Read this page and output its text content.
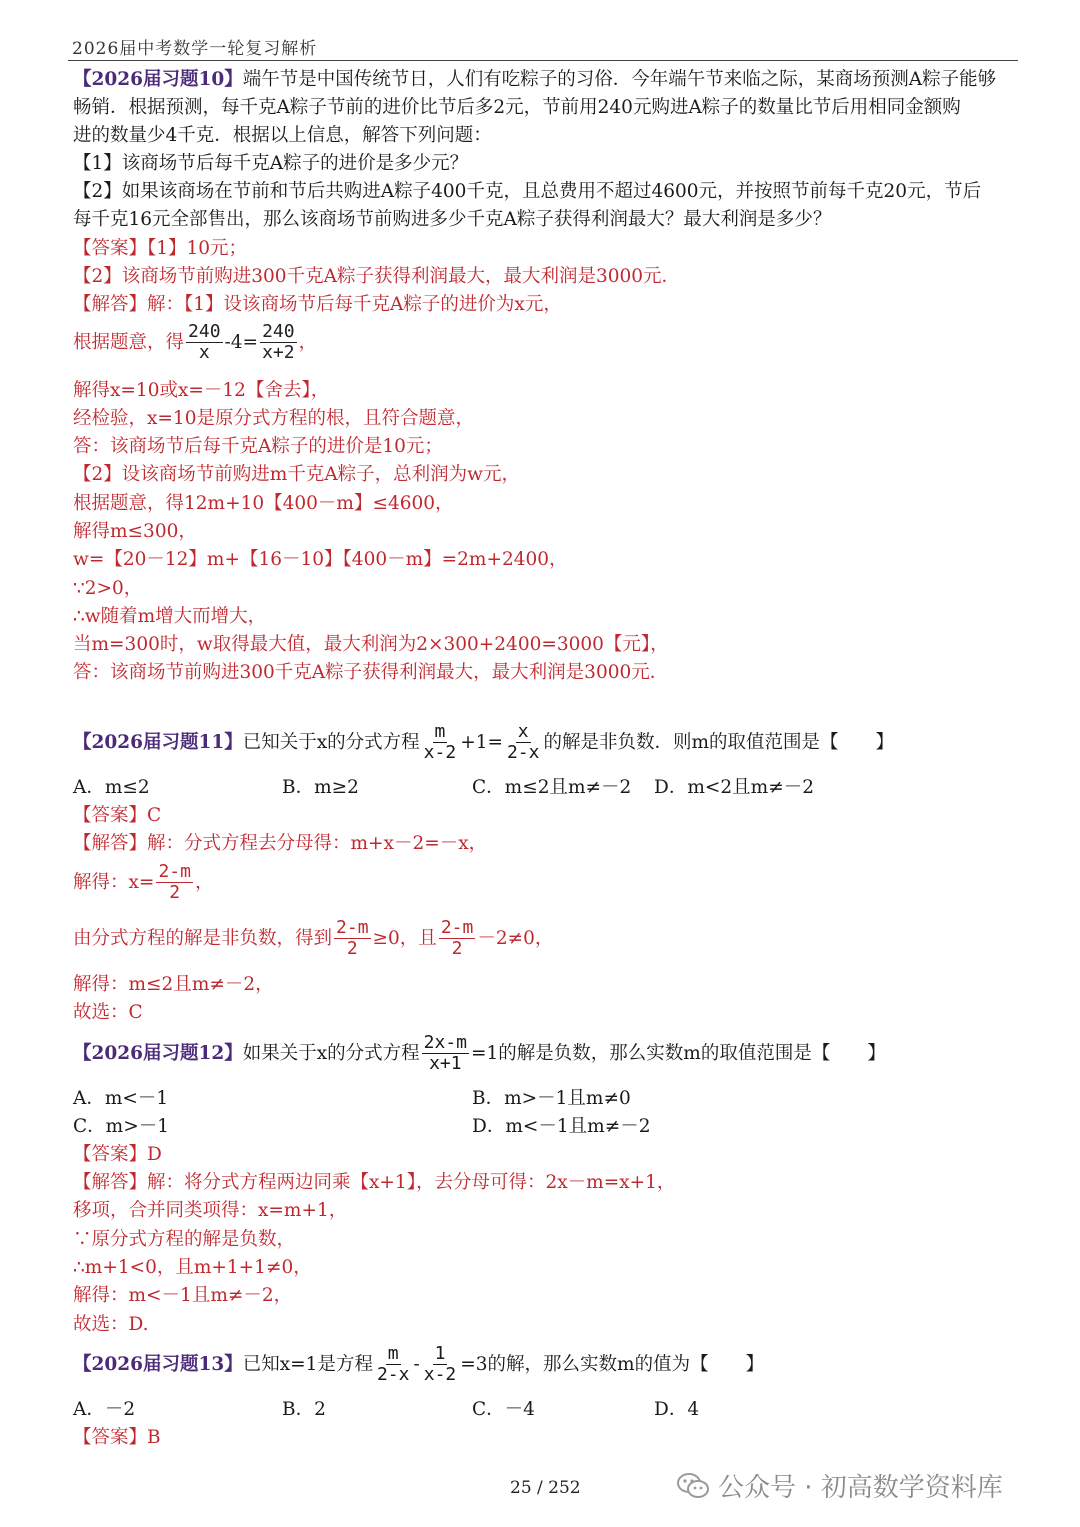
2026届中考数学一轮复习解析
【2026届习题10】端午节是中国传统节日，人们有吃粽子的习俗．今年端午节来临之际，某商场预测A粽子能够
畅销．根据预测，每千克A粽子节前的进价比节后多2元，节前用240元购进A粽子的数量比节后用相同金额购
进的数量少4千克．根据以上信息，解答下列问题：
【1】该商场节后每千克A粽子的进价是多少元？
【2】如果该商场在节前和节后共购进A粽子400千克，且总费用不超过4600元，并按照节前每千克20元，节后
每千克16元全部售出，那么该商场节前购进多少千克A粽子获得利润最大？最大利润是多少？
【答案】【1】10元；
【2】该商场节前购进300千克A粽子获得利润最大，最大利润是3000元．
【解答】解：【1】设该商场节后每千克A粽子的进价为x元，
根据题意，得 $\frac{240}{x} -4= \frac{240}{x+2}$ ，
解得x=10或x=－12【舍去】，
经检验，x=10是原分式方程的根，且符合题意，
答：该商场节后每千克A粽子的进价是10元；
【2】设该商场节前购进m千克A粽子，总利润为w元，
根据题意，得12m+10【400－m】≤4600，
解得m≤300，
w=【20－12】m+【16－10】【400－m】=2m+2400，
∵2>0，
∴w随着m增大而增大，
当m=300时，w取得最大值，最大利润为2×300+2400=3000【元】，
答：该商场节前购进300千克A粽子获得利润最大，最大利润是3000元．
【2026届习题11】 已知关于x的分式方程 $\frac{m}{x-2} +1= \frac{x}{2-x}$ 的解是非负数．则m的取值范围是【　　】
A．m≤2	B．m≥2	C．m≤2且m≠－2 D．m<2且m≠－2
【答案】C
【解答】解：分式方程去分母得：m+x－2=－x，
解得：$x= \frac{2-m}{2}$ ，
由分式方程的解是非负数，得到 $\frac{2-m}{2} \ge 0$，且 $\frac{2-m}{2} -2\ne 0$，
解得：m≤2且m≠－2，
故选：C
【2026届习题12】 如果关于x的分式方程 $\frac{2x-m}{x+1} =1$的解是负数，那么实数m的取值范围是【　　】
A．m<－1	B．m>－1且m≠0
C．m>－1	D．m<－1且m≠－2
【答案】D
【解答】解：将分式方程两边同乘【x+1】，去分母可得：2x－m=x+1，
移项，合并同类项得：x=m+1，
∵原分式方程的解是负数，
∴m+1<0，且m+1+1≠0，
解得：m<－1且m≠－2，
故选：D.
【2026届习题13】 已知x=1是方程 $\frac{m}{2-x} - \frac{1}{x-2} =3$的解，那么实数m的值为【　　】
A．－2	B．2	C．－4	D．4
【答案】B
25 / 252	公众号 · 初高数学资料库
